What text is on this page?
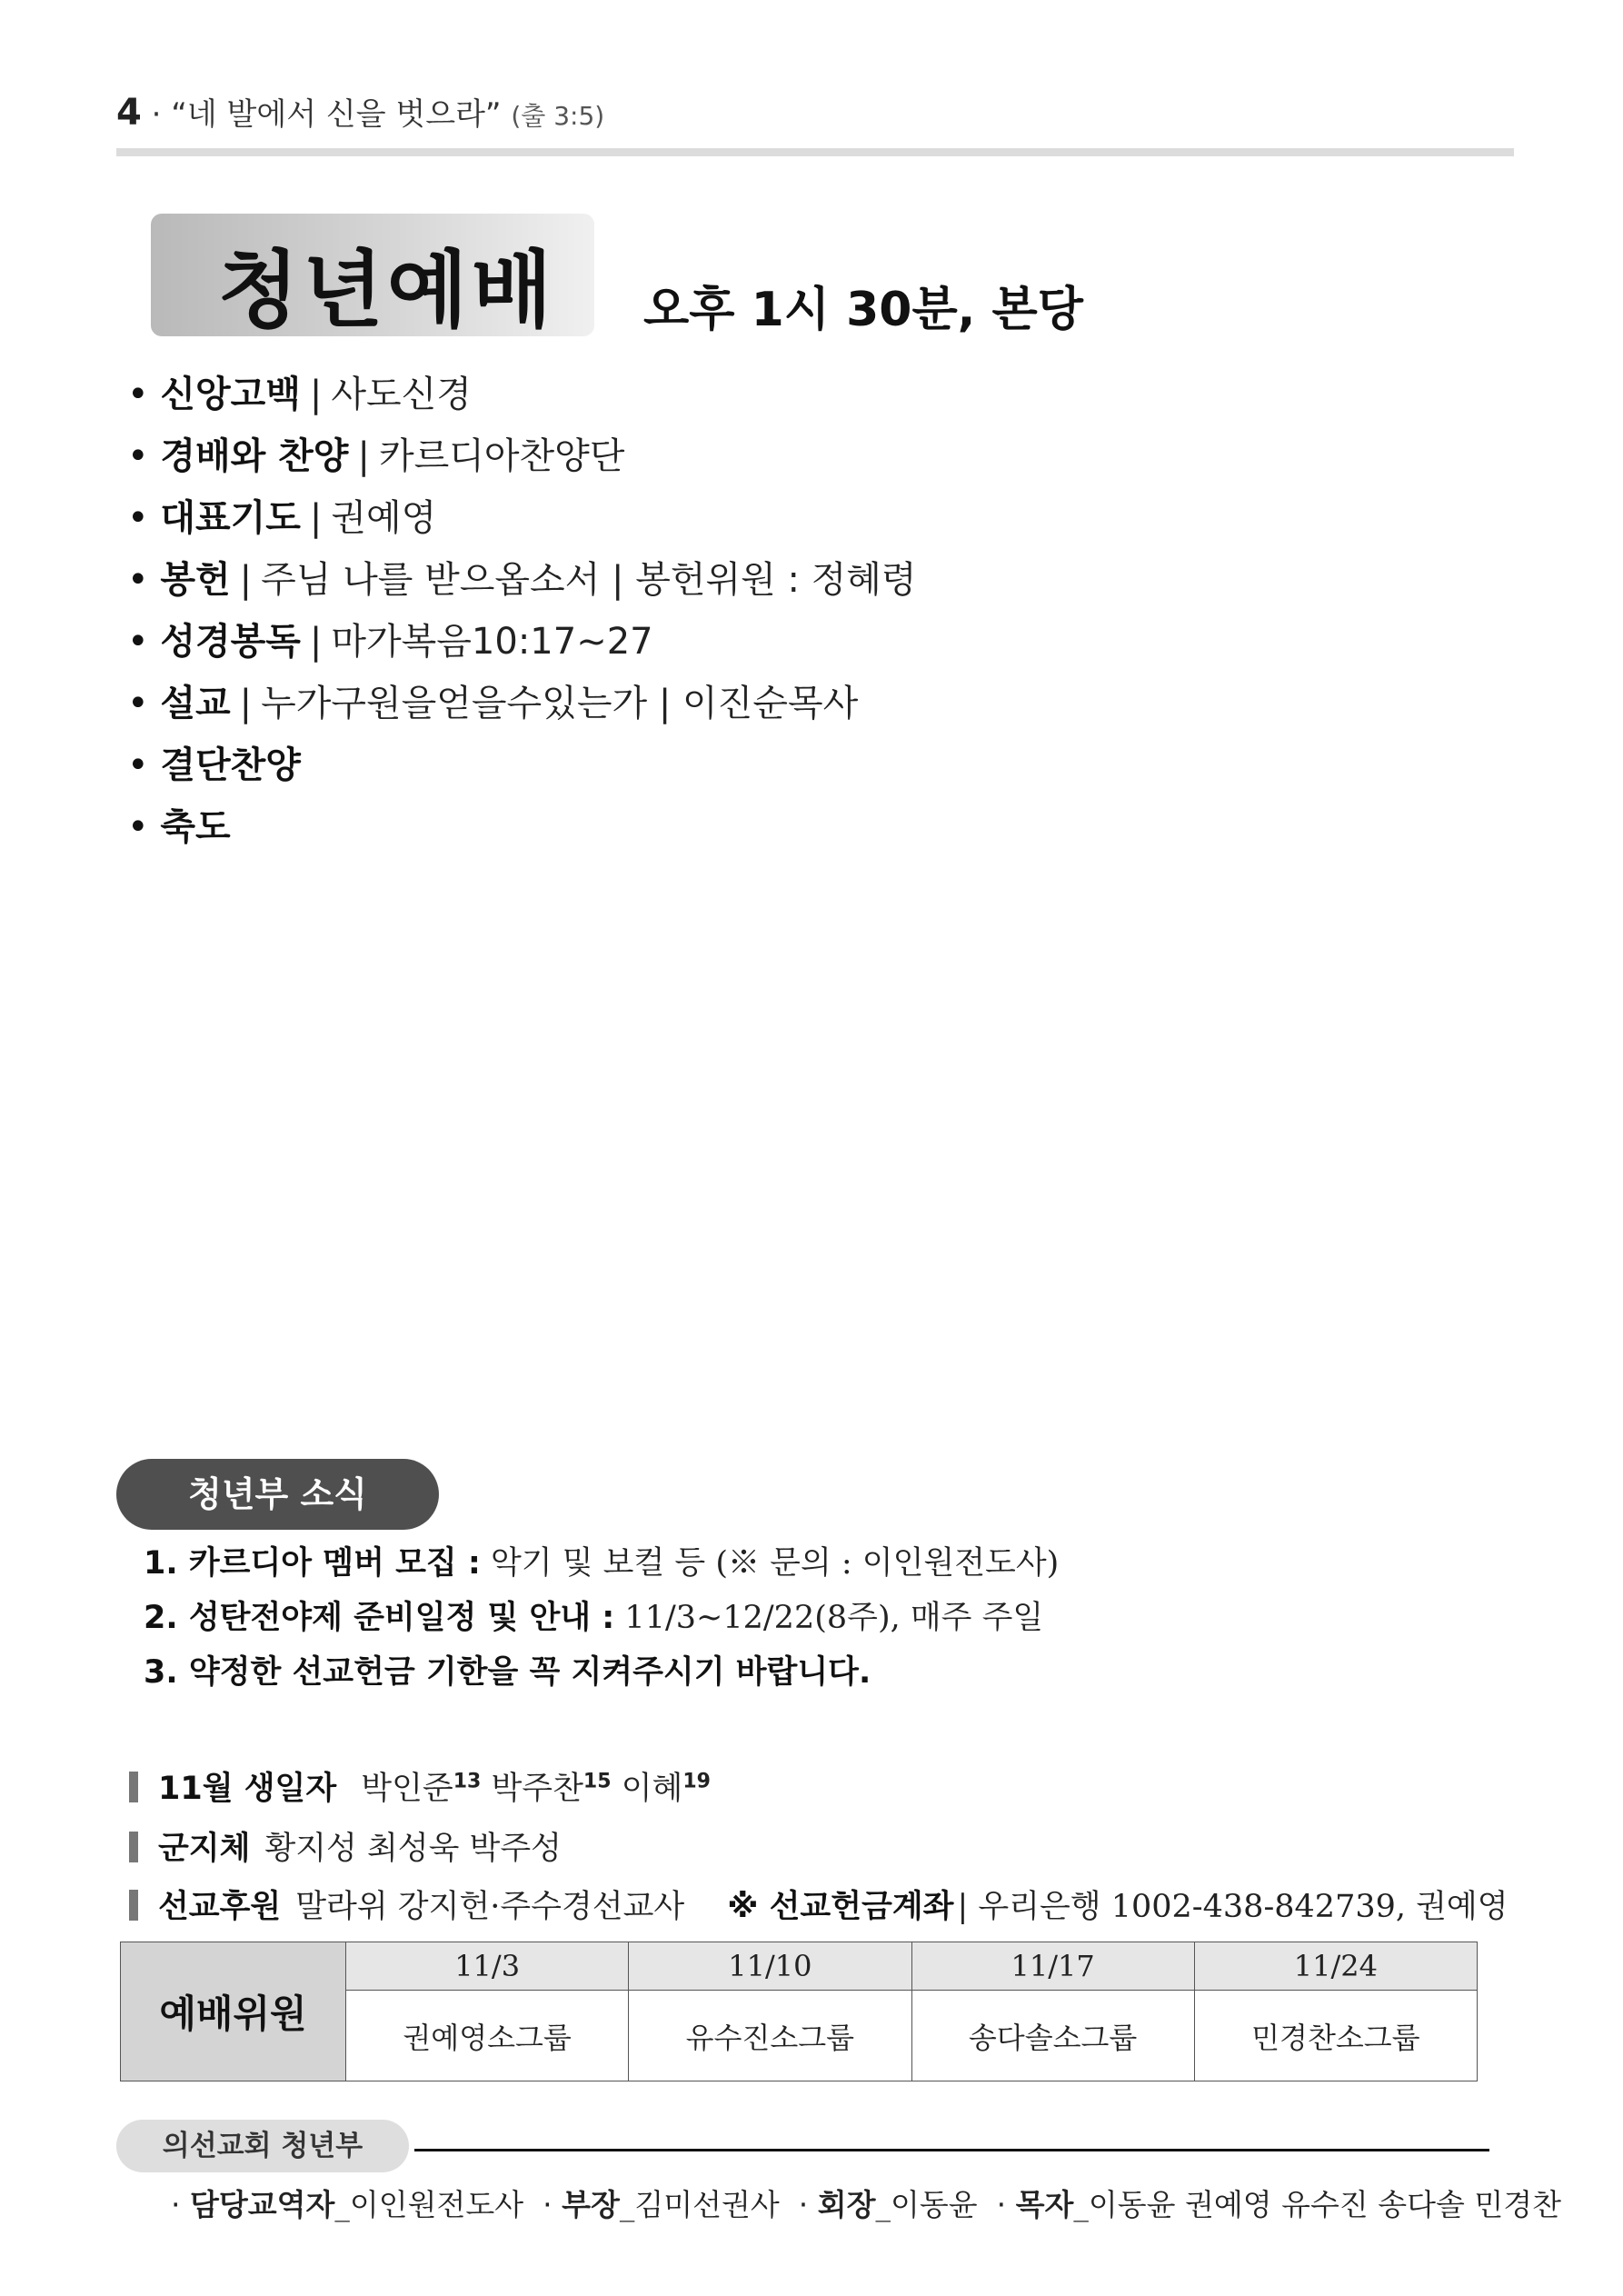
4 · “네 발에서 신을 벗으라” (출 3:5)
청년예배 오후 1시 30분, 본당
• 신앙고백 | 사도신경
• 경배와 찬양 | 카르디아찬양단
• 대표기도 | 권예영
• 봉헌 | 주님 나를 받으옵소서 | 봉헌위원 : 정혜령
• 성경봉독 | 마가복음10:17~27
• 설교 | 누가구원을얻을수있는가 | 이진순목사
• 결단찬양
• 축도
청년부 소식
1. 카르디아 멤버 모집 : 악기 및 보컬 등 (※ 문의 : 이인원전도사)
2. 성탄전야제 준비일정 및 안내 : 11/3~12/22(8주), 매주 주일
3. 약정한 선교헌금 기한을 꼭 지켜주시기 바랍니다.
11월 생일자 박인준$^{13}$ 박주찬$^{15}$ 이혜$^{19}$
군지체 황지성 최성욱 박주성
선교후원 말라위 강지헌·주수경선교사 ※ 선교헌금계좌 | 우리은행 1002-438-842739, 권예영
예배위원	11/3	11/10	11/17	11/24
	권예영소그룹	유수진소그룹	송다솔소그룹	민경찬소그룹
의선교회 청년부
· 담당교역자_이인원전도사  · 부장_김미선권사  · 회장_이동윤  · 목자_이동윤 권예영 유수진 송다솔 민경찬
